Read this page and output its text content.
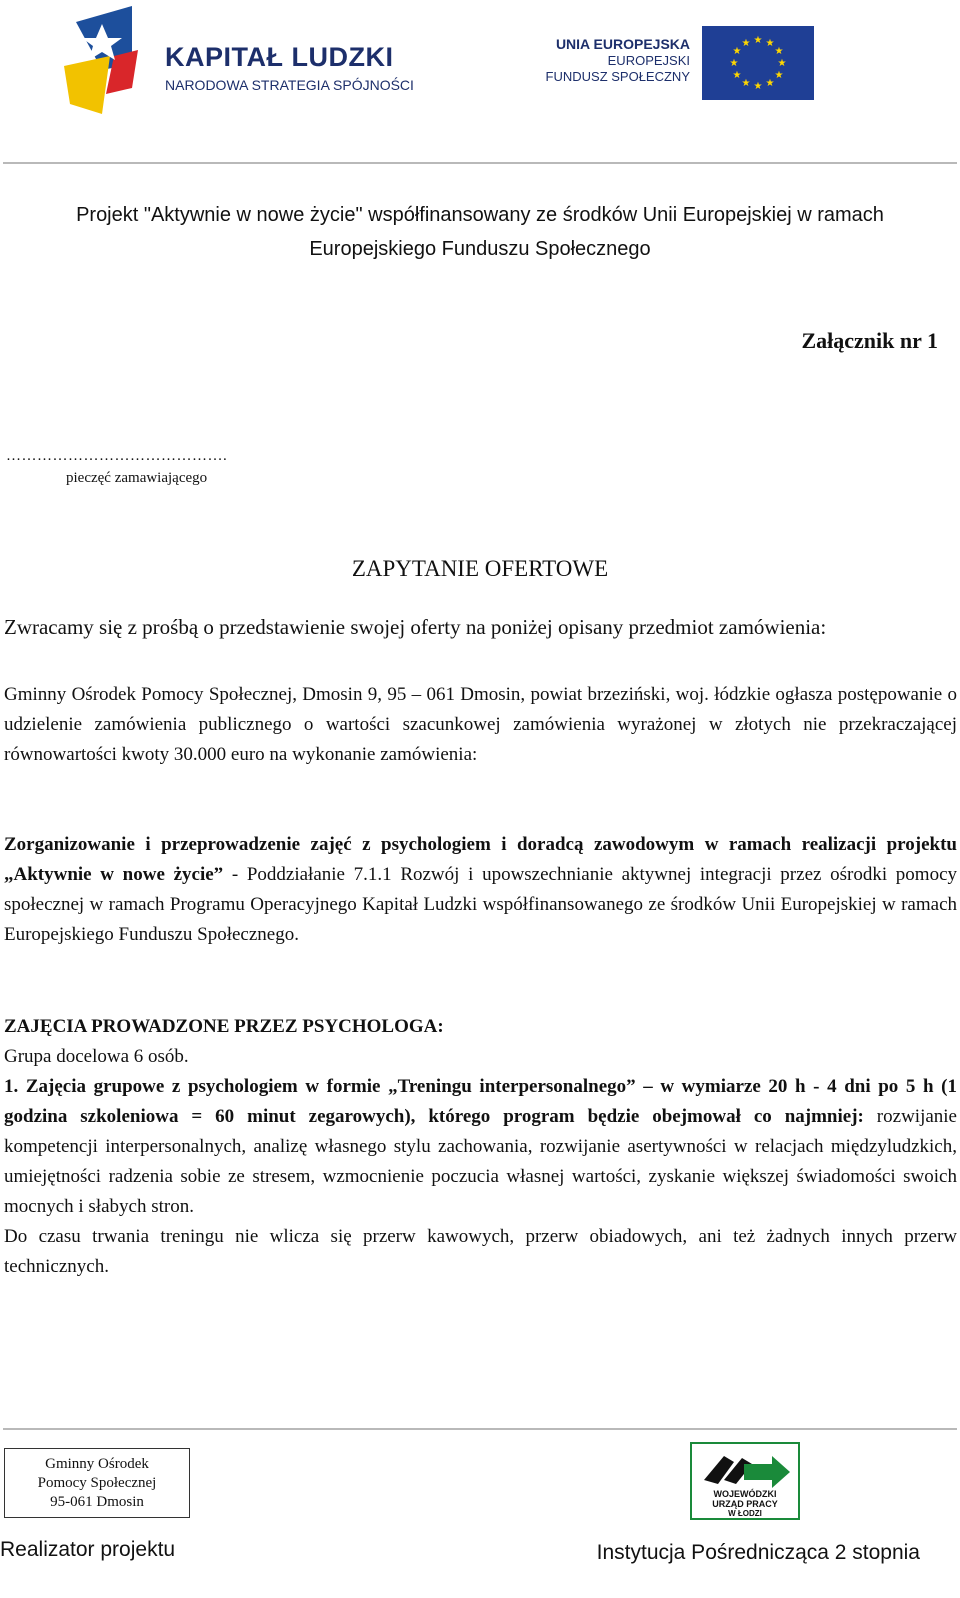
KAPITAŁ LUDZKI
NARODOWA STRATEGIA SPÓJNOŚCI
UNIA EUROPEJSKA
EUROPEJSKI
FUNDUSZ SPOŁECZNY
★ ★
★
★
★
★
★
★
★
★
★
★
Projekt "Aktywnie w nowe życie" współfinansowany ze środków Unii Europejskiej w ramach
Europejskiego Funduszu Społecznego
Załącznik nr 1
…………………………………….
pieczęć zamawiającego
ZAPYTANIE OFERTOWE
Zwracamy się z prośbą o przedstawienie swojej oferty na poniżej opisany przedmiot zamówienia:
Gminny Ośrodek Pomocy Społecznej, Dmosin 9, 95 – 061 Dmosin, powiat brzeziński, woj. łódzkie ogłasza postępowanie o udzielenie zamówienia publicznego o wartości szacunkowej zamówienia wyrażonej w złotych nie przekraczającej równowartości kwoty 30.000 euro na wykonanie zamówienia:
Zorganizowanie i przeprowadzenie zajęć z psychologiem i doradcą zawodowym w ramach realizacji projektu „Aktywnie w nowe życie” - Poddziałanie 7.1.1 Rozwój i upowszechnianie aktywnej integracji przez ośrodki pomocy społecznej w ramach Programu Operacyjnego Kapitał Ludzki współfinansowanego ze środków Unii Europejskiej w ramach Europejskiego Funduszu Społecznego.
ZAJĘCIA PROWADZONE PRZEZ PSYCHOLOGA:
Grupa docelowa 6 osób.
1. Zajęcia grupowe z psychologiem w formie „Treningu interpersonalnego” – w wymiarze 20 h - 4 dni po 5 h (1 godzina szkoleniowa = 60 minut zegarowych), którego program będzie obejmował co najmniej: rozwijanie kompetencji interpersonalnych, analizę własnego stylu zachowania, rozwijanie asertywności w relacjach międzyludzkich, umiejętności radzenia sobie ze stresem, wzmocnienie poczucia własnej wartości, zyskanie większej świadomości swoich mocnych i słabych stron.
Do czasu trwania treningu nie wlicza się przerw kawowych, przerw obiadowych, ani też żadnych innych przerw technicznych.
Gminny Ośrodek
Pomocy Społecznej
95-061 Dmosin	WOJEWÓDZKI
URZĄD PRACY
W ŁODZI
Realizator projektu	Instytucja Pośrednicząca 2 stopnia
